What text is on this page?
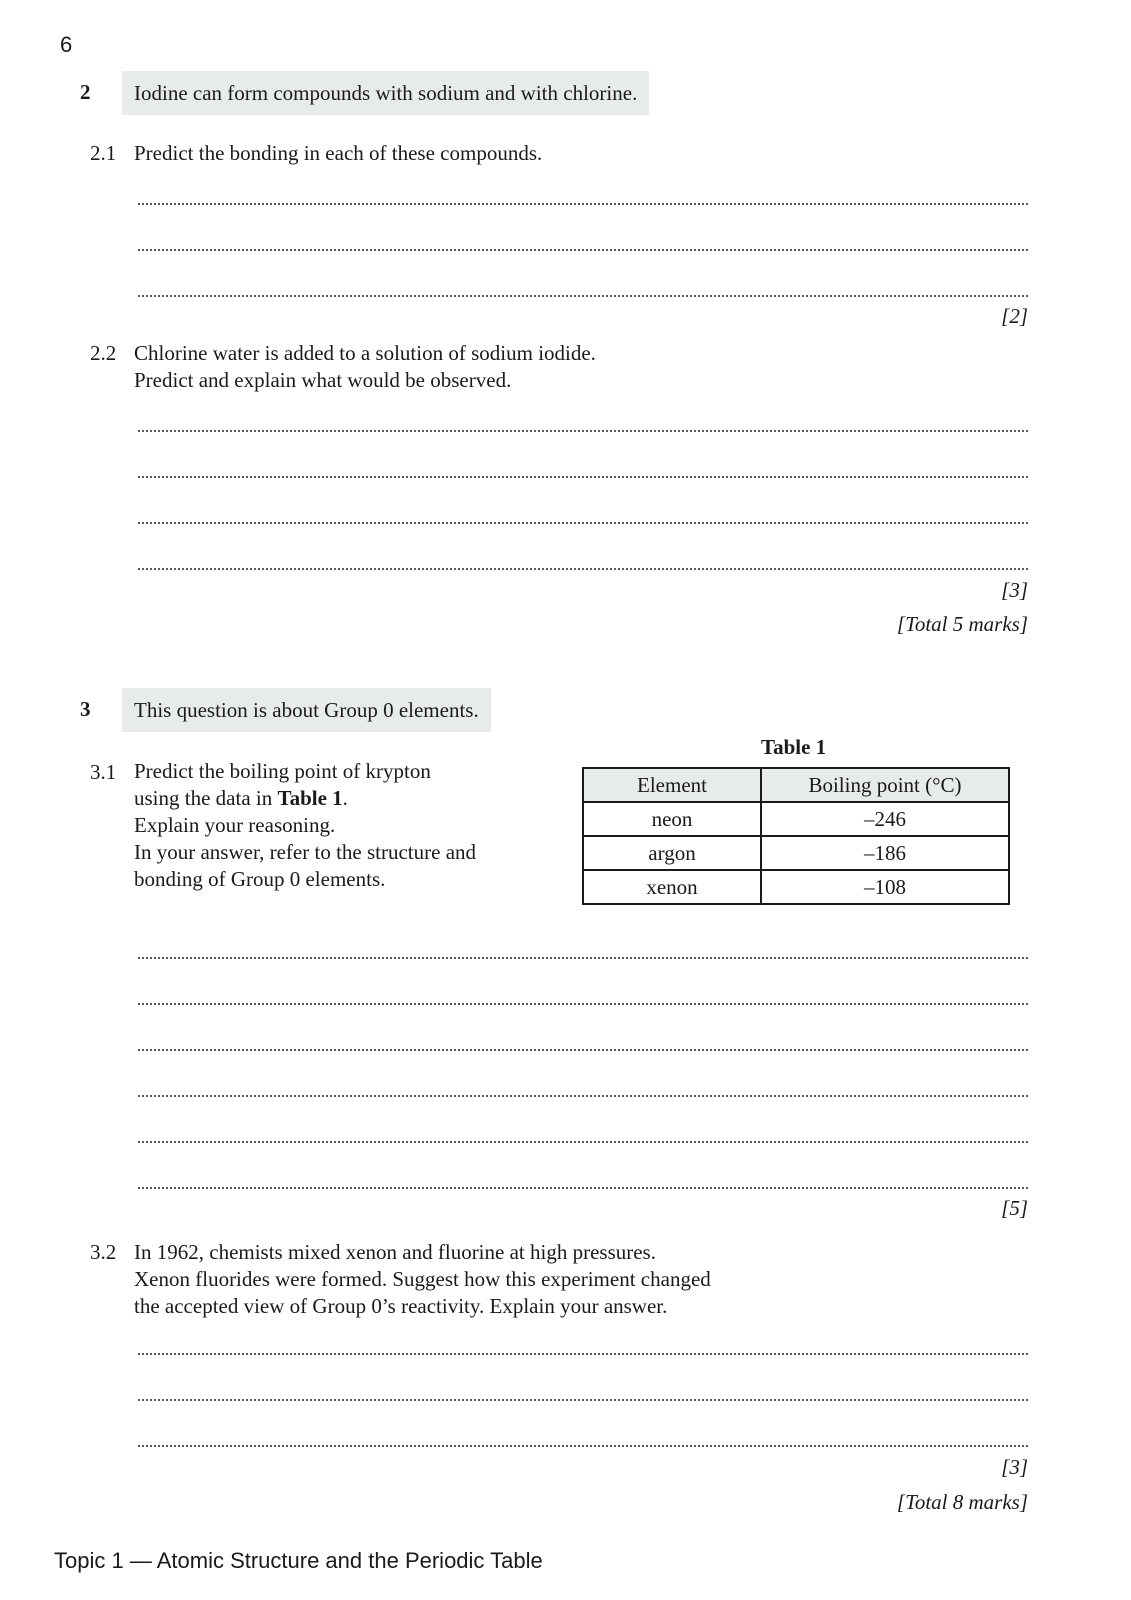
6
2	Iodine can form compounds with sodium and with chlorine.
2.1 Predict the bonding in each of these compounds.
[2]
2.2 Chlorine water is added to a solution of sodium iodide.
Predict and explain what would be observed.
[3]
[Total 5 marks]
3	This question is about Group 0 elements.
3.1 Predict the boiling point of krypton
using the data in Table 1.
Explain your reasoning.
In your answer, refer to the structure and
bonding of Group 0 elements.
Table 1
Element	Boiling point (°C)
neon	–246
argon	–186
xenon	–108
[5]
3.2 In 1962, chemists mixed xenon and fluorine at high pressures.
Xenon fluorides were formed. Suggest how this experiment changed
the accepted view of Group 0’s reactivity. Explain your answer.
[3]
[Total 8 marks]
Topic 1 — Atomic Structure and the Periodic Table
